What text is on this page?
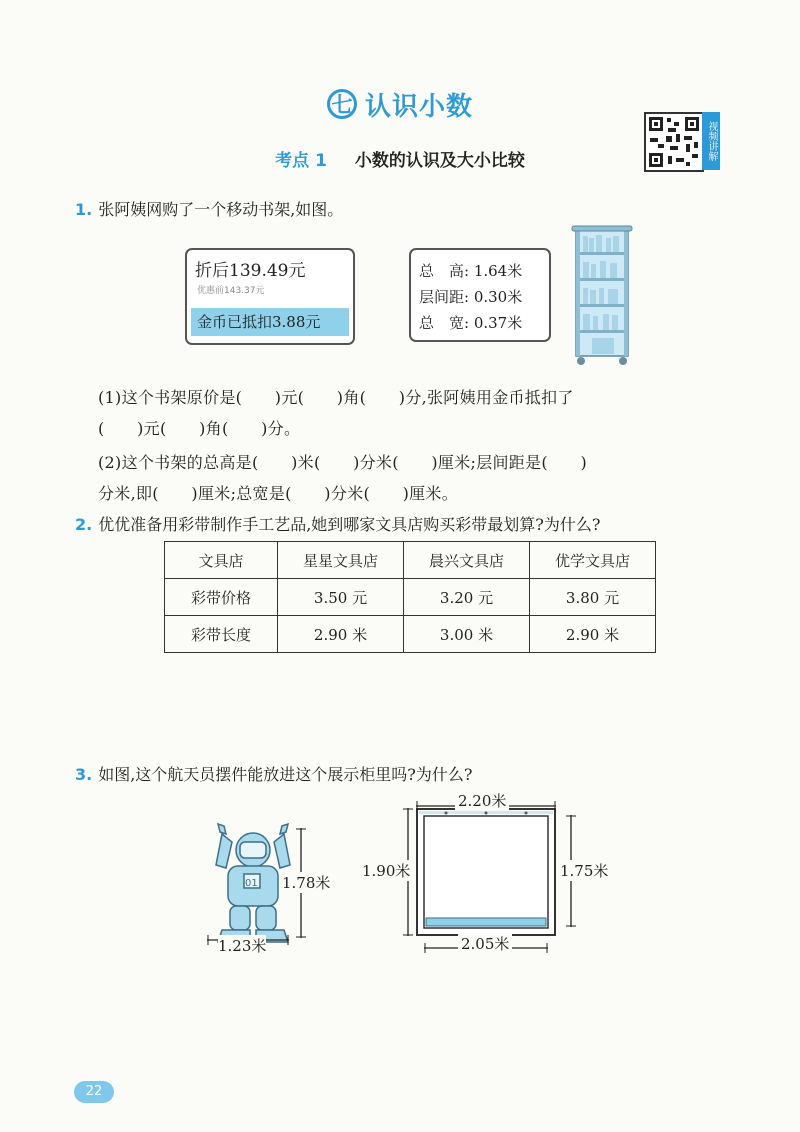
七 认识小数
视频讲解
考点 1 小数的认识及大小比较
1. 张阿姨网购了一个移动书架,如图。
折后139.49元
优惠前143.37元
金币已抵扣3.88元
总　高: 1.64米
层间距: 0.30米
总　宽: 0.37米
(1)这个书架原价是(　　)元(　　)角(　　)分,张阿姨用金币抵扣了
(　　)元(　　)角(　　)分。
(2)这个书架的总高是(　　)米(　　)分米(　　)厘米;层间距是(　　)
分米,即(　　)厘米;总宽是(　　)分米(　　)厘米。
2. 优优准备用彩带制作手工艺品,她到哪家文具店购买彩带最划算?为什么?
文具店	星星文具店	晨兴文具店	优学文具店
彩带价格	3.50 元	3.20 元	3.80 元
彩带长度	2.90 米	3.00 米	2.90 米
3. 如图,这个航天员摆件能放进这个展示柜里吗?为什么?
01 1.78米
1.23米
2.20米
1.90米	1.75米
2.05米
22
